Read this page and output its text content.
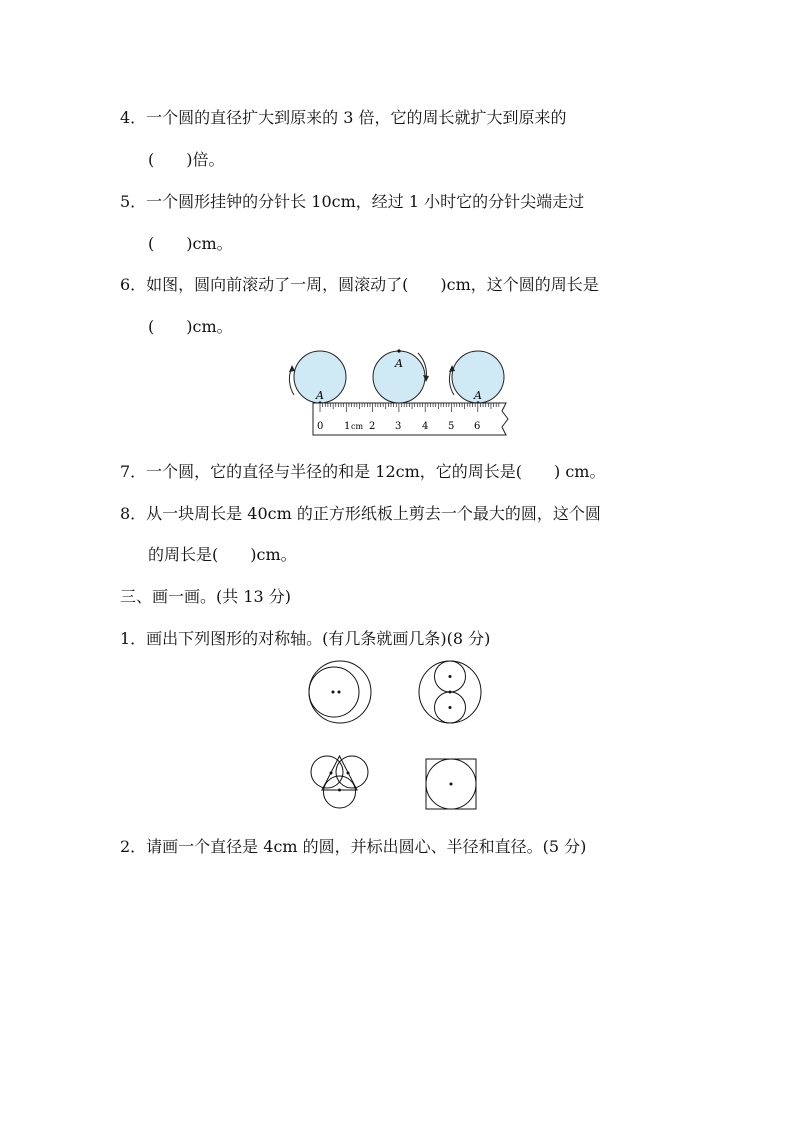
4．一个圆的直径扩大到原来的 3 倍，它的周长就扩大到原来的
(　　)倍。
5．一个圆形挂钟的分针长 10cm，经过 1 小时它的分针尖端走过
(　　)cm。
6．如图，圆向前滚动了一周，圆滚动了(　　)cm，这个圆的周长是
(　　)cm。
A
A
A
0 1 cm 2 3 4 5 6
7．一个圆，它的直径与半径的和是 12cm，它的周长是(　　) cm。
8．从一块周长是 40cm 的正方形纸板上剪去一个最大的圆，这个圆
的周长是(　　)cm。
三、画一画。(共 13 分)
1．画出下列图形的对称轴。(有几条就画几条)(8 分)
2．请画一个直径是 4cm 的圆，并标出圆心、半径和直径。(5 分)
